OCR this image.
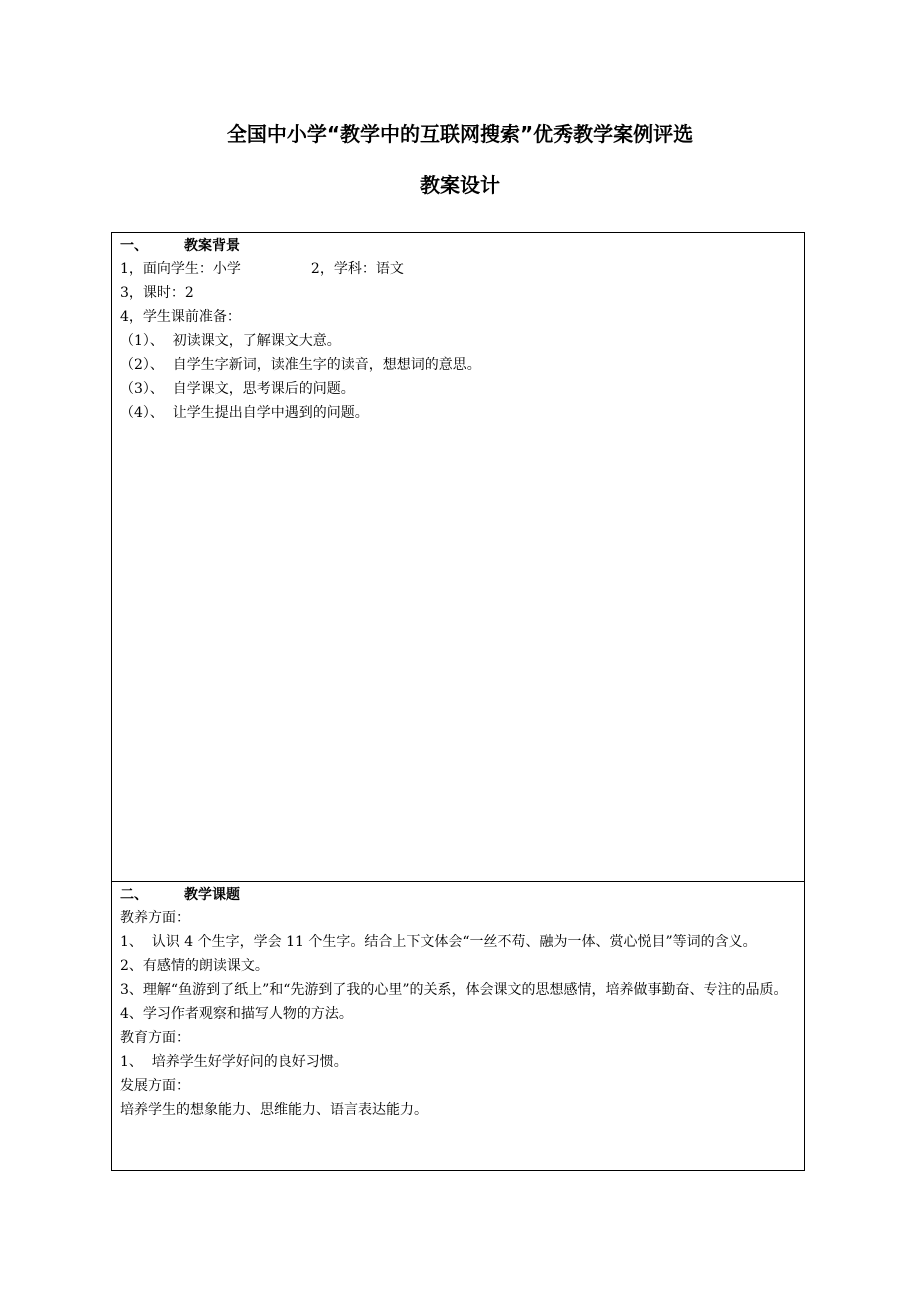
全国中小学“教学中的互联网搜索”优秀教学案例评选
教案设计
一、	教案背景

1，面向学生：小学	2，学科：语文

3，课时：2

4，学生课前准备：

（1）、  初读课文，了解课文大意。

（2）、  自学生字新词，读准生字的读音，想想词的意思。

（3）、  自学课文，思考课后的问题。

（4）、  让学生提出自学中遇到的问题。

二、	教学课题

教养方面：

1、  认识 4 个生字，学会 11 个生字。结合上下文体会“一丝不苟、融为一体、赏心悦目”等词的含义。

2、有感情的朗读课文。

3、理解“鱼游到了纸上”和“先游到了我的心里”的关系，体会课文的思想感情，培养做事勤奋、专注的品质。

4、学习作者观察和描写人物的方法。

教育方面：

1、  培养学生好学好问的良好习惯。

发展方面：

培养学生的想象能力、思维能力、语言表达能力。
